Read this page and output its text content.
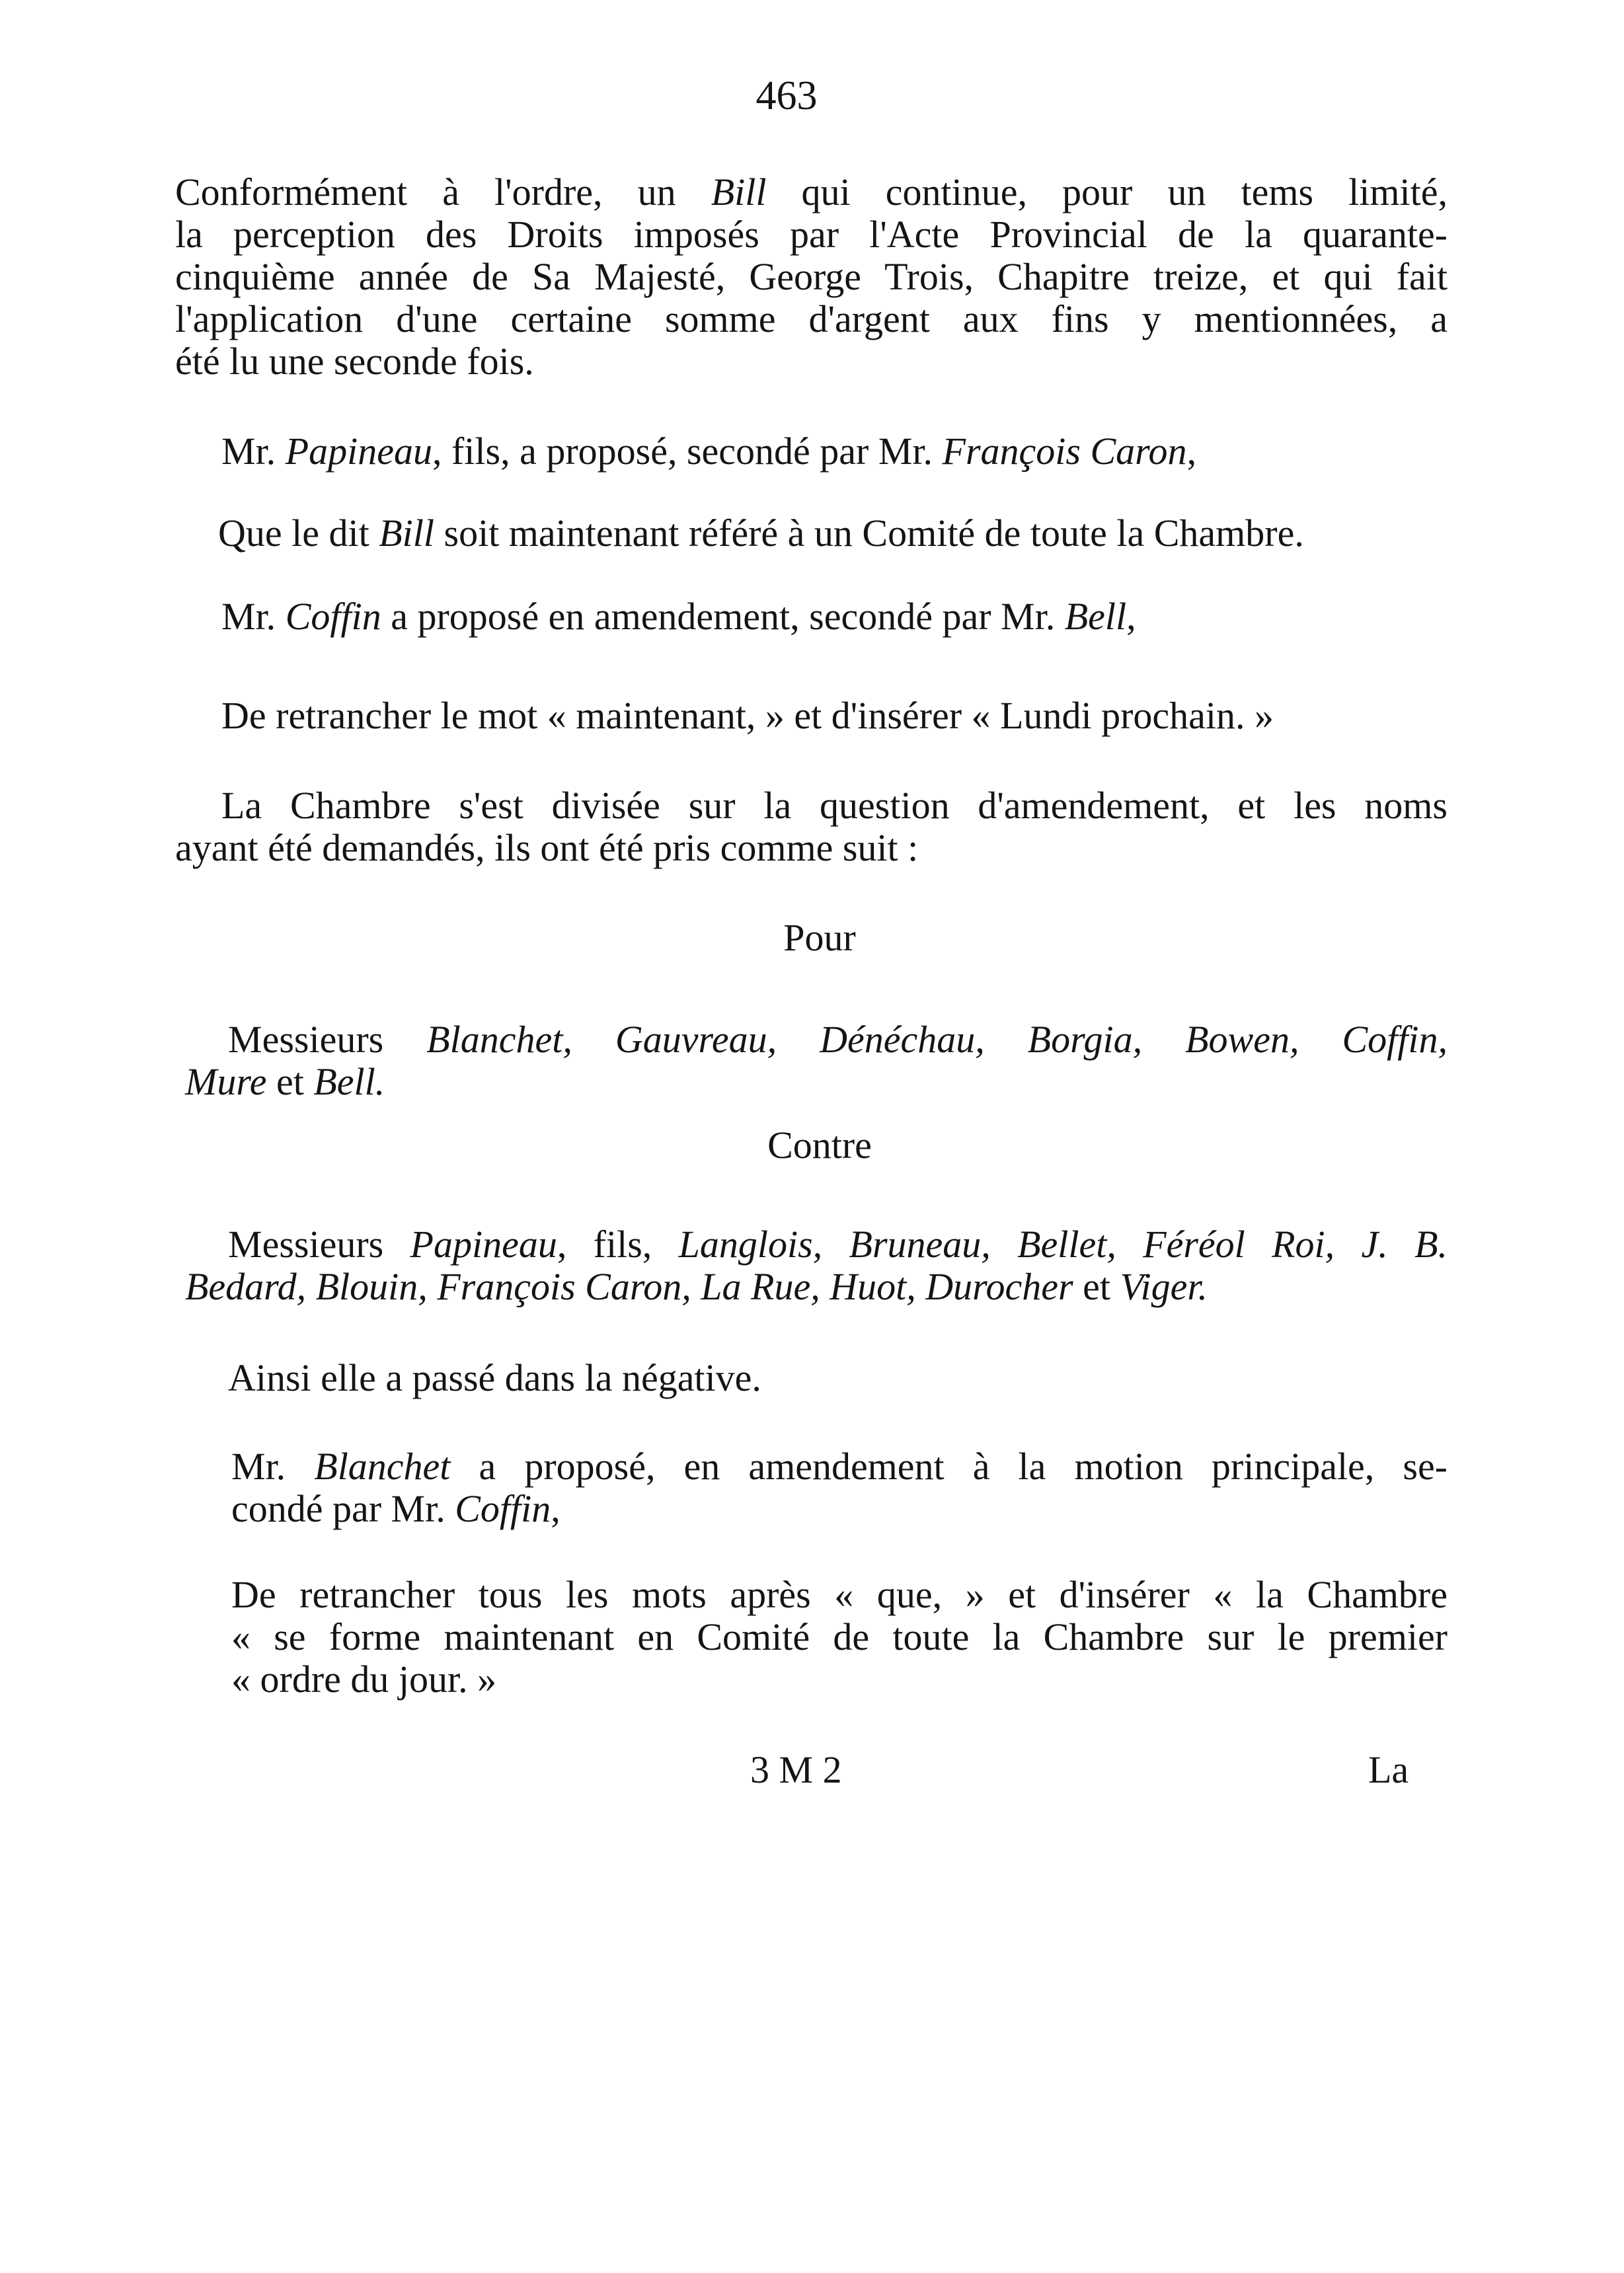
463
Conformément à l'ordre, un Bill qui continue, pour un tems limité,
la perception des Droits imposés par l'Acte Provincial de la quarante-
cinquième année de Sa Majesté, George Trois, Chapitre treize, et qui fait
l'application d'une certaine somme d'argent aux fins y mentionnées, a
été lu une seconde fois.
Mr. Papineau, fils, a proposé, secondé par Mr. François Caron,
Que le dit Bill soit maintenant référé à un Comité de toute la Chambre.
Mr. Coffin a proposé en amendement, secondé par Mr. Bell,
De retrancher le mot « maintenant, » et d'insérer « Lundi prochain. »
La Chambre s'est divisée sur la question d'amendement, et les noms
ayant été demandés, ils ont été pris comme suit :
Pour
Messieurs Blanchet, Gauvreau, Dénéchau, Borgia, Bowen, Coffin,
Mure et Bell.
Contre
Messieurs Papineau, fils, Langlois, Bruneau, Bellet, Féréol Roi, J. B.
Bedard, Blouin, François Caron, La Rue, Huot, Durocher et Viger.
Ainsi elle a passé dans la négative.
Mr. Blanchet a proposé, en amendement à la motion principale, se-
condé par Mr. Coffin,
De retrancher tous les mots après « que, » et d'insérer « la Chambre
« se forme maintenant en Comité de toute la Chambre sur le premier
« ordre du jour. »
3 M 2	La
